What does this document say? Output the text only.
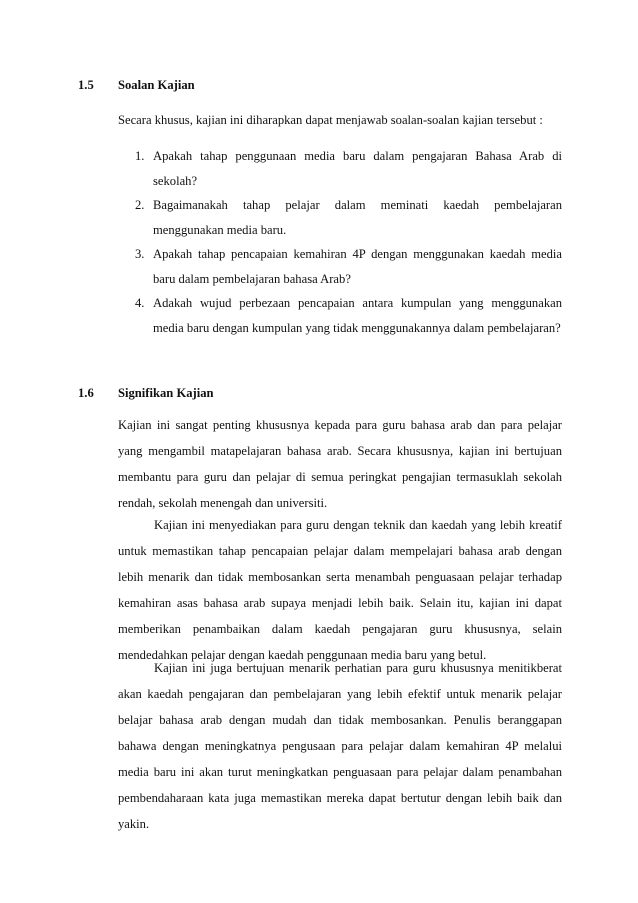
1.5 Soalan Kajian
Secara khusus, kajian ini diharapkan dapat menjawab soalan-soalan kajian tersebut :
1. Apakah tahap penggunaan media baru dalam pengajaran Bahasa Arab di sekolah?
2. Bagaimanakah tahap pelajar dalam meminati kaedah pembelajaran menggunakan media baru.
3. Apakah tahap pencapaian kemahiran 4P dengan menggunakan kaedah media baru dalam pembelajaran bahasa Arab?
4. Adakah wujud perbezaan pencapaian antara kumpulan yang menggunakan media baru dengan kumpulan yang tidak menggunakannya dalam pembelajaran?
1.6 Signifikan Kajian

Kajian ini sangat penting khususnya kepada para guru bahasa arab dan para pelajar yang mengambil matapelajaran bahasa arab. Secara khususnya, kajian ini bertujuan membantu para guru dan pelajar di semua peringkat pengajian termasuklah sekolah rendah, sekolah menengah dan universiti.

Kajian ini menyediakan para guru dengan teknik dan kaedah yang lebih kreatif untuk memastikan tahap pencapaian pelajar dalam mempelajari bahasa arab dengan lebih menarik dan tidak membosankan serta menambah penguasaan pelajar terhadap kemahiran asas bahasa arab supaya menjadi lebih baik. Selain itu, kajian ini dapat memberikan penambaikan dalam kaedah pengajaran guru khususnya, selain mendedahkan pelajar dengan kaedah penggunaan media baru yang betul.

Kajian ini juga bertujuan menarik perhatian para guru khususnya menitikberat akan kaedah pengajaran dan pembelajaran yang lebih efektif untuk menarik pelajar belajar bahasa arab dengan mudah dan tidak membosankan. Penulis beranggapan bahawa dengan meningkatnya pengusaan para pelajar dalam kemahiran 4P melalui media baru ini akan turut meningkatkan penguasaan para pelajar dalam penambahan pembendaharaan kata juga memastikan mereka dapat bertutur dengan lebih baik dan yakin.
